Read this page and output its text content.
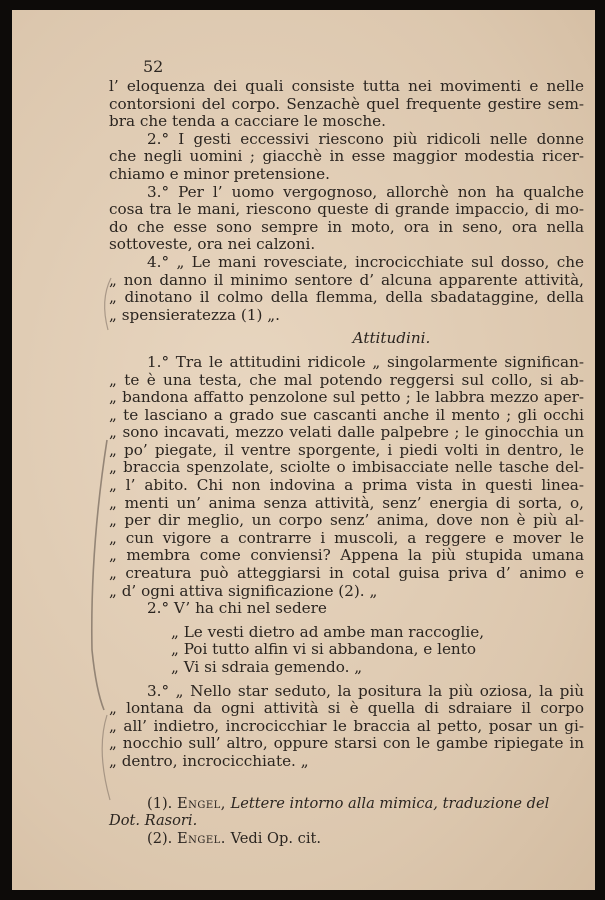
52
l’ eloquenza dei quali consiste tutta nei movimenti e nelle
contorsioni del corpo. Senzachè quel frequente gestire sem-
bra che tenda a cacciare le mosche.
2.° I gesti eccessivi riescono più ridicoli nelle donne
che negli uomini ; giacchè in esse maggior modestia ricer-
chiamo e minor pretensione.
3.° Per l’ uomo vergognoso, allorchè non ha qualche
cosa tra le mani, riescono queste di grande impaccio, di mo-
do che esse sono sempre in moto, ora in seno, ora nella
sottoveste, ora nei calzoni.
4.° „ Le mani rovesciate, incrocicchiate sul dosso, che
„ non danno il minimo sentore d’ alcuna apparente attività,
„ dinotano il colmo della flemma, della sbadataggine, della
„ spensieratezza (1) „.
Attitudini.
1.° Tra le attitudini ridicole „ singolarmente significan-
„ te è una testa, che mal potendo reggersi sul collo, si ab-
„ bandona affatto penzolone sul petto ; le labbra mezzo aper-
„ te lasciano a grado sue cascanti anche il mento ; gli occhi
„ sono incavati, mezzo velati dalle palpebre ; le ginocchia un
„ po’ piegate, il ventre sporgente, i piedi volti in dentro, le
„ braccia spenzolate, sciolte o imbisacciate nelle tasche del-
„ l’ abito. Chi non indovina a prima vista in questi linea-
„ menti un’ anima senza attività, senz’ energia di sorta, o,
„ per dir meglio, un corpo senz’ anima, dove non è più al-
„ cun vigore a contrarre i muscoli, a reggere e mover le
„ membra come conviensi? Appena la più stupida umana
„ creatura può atteggiarsi in cotal guisa priva d’ animo e
„ d’ ogni attiva significazione (2). „
2.° V’ ha chi nel sedere
„ Le vesti dietro ad ambe man raccoglie,
„ Poi tutto alfin vi si abbandona, e lento
„ Vi si sdraia gemendo. „
3.° „ Nello star seduto, la positura la più oziosa, la più
„ lontana da ogni attività si è quella di sdraiare il corpo
„ all’ indietro, incrocicchiar le braccia al petto, posar un gi-
„ nocchio sull’ altro, oppure starsi con le gambe ripiegate in
„ dentro, incrocicchiate. „
(1). Engel, Lettere intorno alla mimica, traduzione del
Dot. Rasori.
(2). Engel. Vedi Op. cit.
